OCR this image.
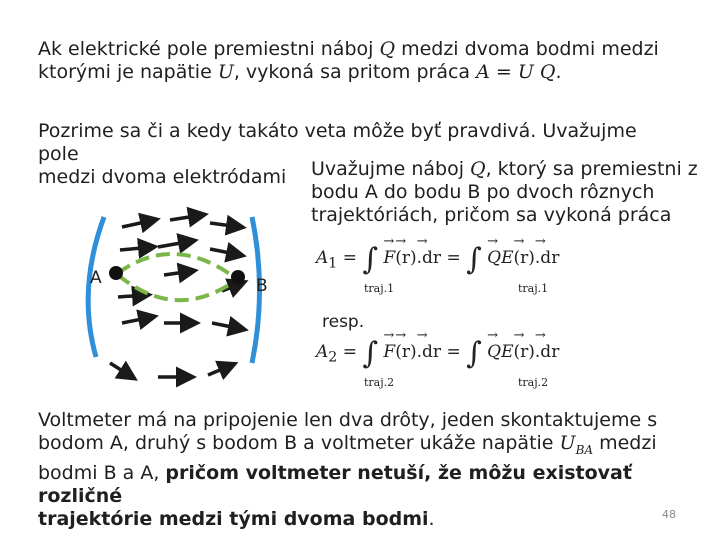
Ak elektrické pole premiestni náboj Q medzi dvoma bodmi medzi
ktorými je napätie U, vykoná sa pritom práca A = U Q.
Pozrime sa či a kedy takáto veta môže byť pravdivá. Uvažujme pole
medzi dvoma elektródami	Uvažujme náboj Q, ktorý sa premiestni z
bodu A do bodu B po dvoch rôznych
trajektóriách, pričom sa vykoná práca
$A_1$ = ∫ → F→ (r)→ .dr = ∫ → QE→ (r)→ .dr
traj.1	traj.1
resp.
$A_2$ = ∫ → F→ (r)→ .dr = ∫ → QE→ (r)→ .dr
traj.2	traj.2
A	B
Voltmeter má na pripojenie len dva drôty, jeden skontaktujeme s
bodom A, druhý s bodom B a voltmeter ukáže napätie $U_{BA}$ medzi
bodmi B a A, pričom voltmeter netuší, že môžu existovať rozličné
trajektórie medzi tými dvoma bodmi.	48
